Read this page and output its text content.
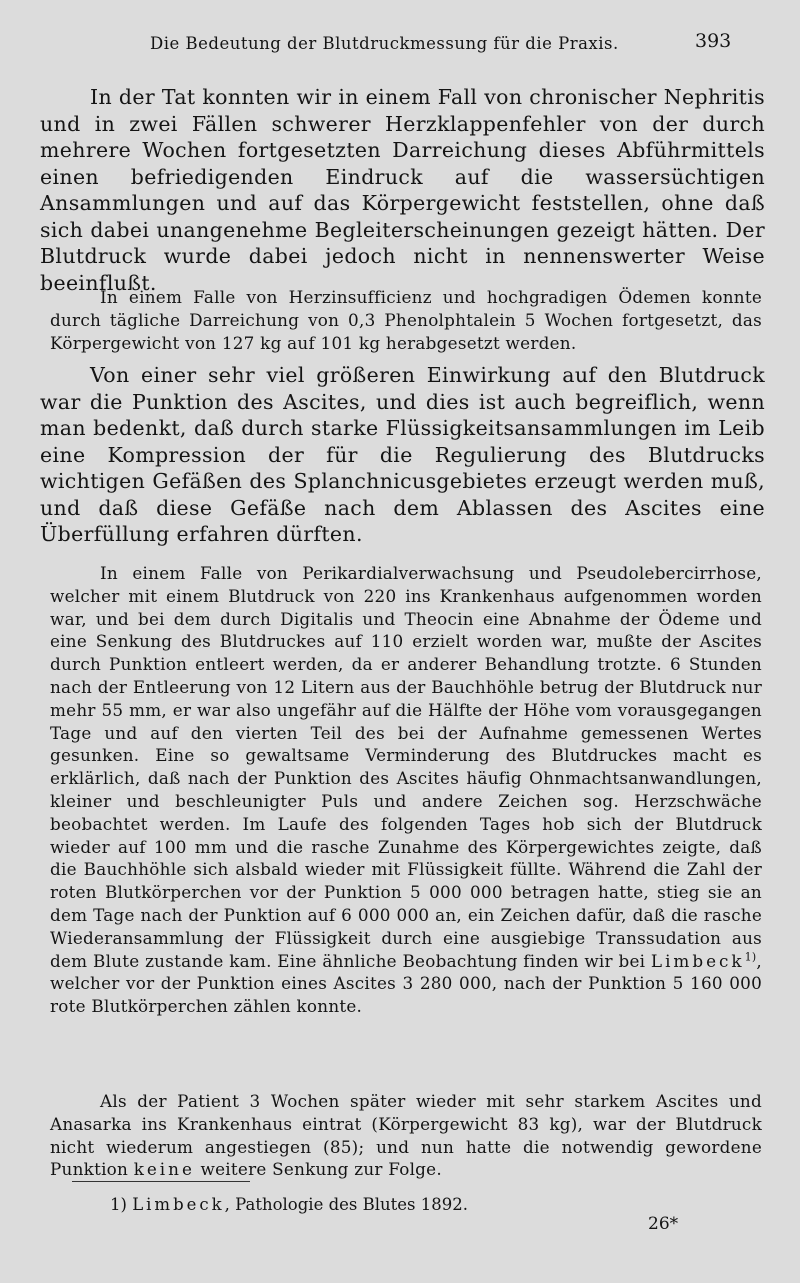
Die Bedeutung der Blutdruckmessung für die Praxis.	393

In der Tat konnten wir in einem Fall von chronischer Nephritis und in zwei Fällen schwerer Herzklappenfehler von der durch mehrere Wochen fortgesetzten Darreichung dieses Abführmittels einen befriedigenden Eindruck auf die wassersüchtigen Ansammlungen und auf das Körpergewicht feststellen, ohne daß sich dabei unangenehme Begleiterscheinungen gezeigt hätten. Der Blutdruck wurde dabei jedoch nicht in nennenswerter Weise beeinflußt.

In einem Falle von Herzinsufficienz und hochgradigen Ödemen konnte durch tägliche Darreichung von 0,3 Phenolphtalein 5 Wochen fortgesetzt, das Körpergewicht von 127 kg auf 101 kg herabgesetzt werden.

Von einer sehr viel größeren Einwirkung auf den Blutdruck war die Punktion des Ascites, und dies ist auch begreiflich, wenn man bedenkt, daß durch starke Flüssigkeitsansammlungen im Leib eine Kompression der für die Regulierung des Blutdrucks wichtigen Gefäßen des Splanchnicusgebietes erzeugt werden muß, und daß diese Gefäße nach dem Ablassen des Ascites eine Überfüllung erfahren dürften.

In einem Falle von Perikardialverwachsung und Pseudolebercirrhose, welcher mit einem Blutdruck von 220 ins Krankenhaus aufgenommen worden war, und bei dem durch Digitalis und Theocin eine Abnahme der Ödeme und eine Senkung des Blutdruckes auf 110 erzielt worden war, mußte der Ascites durch Punktion entleert werden, da er anderer Behandlung trotzte. 6 Stunden nach der Entleerung von 12 Litern aus der Bauchhöhle betrug der Blutdruck nur mehr 55 mm, er war also ungefähr auf die Hälfte der Höhe vom vorausgegangen Tage und auf den vierten Teil des bei der Aufnahme gemessenen Wertes gesunken. Eine so gewaltsame Verminderung des Blutdruckes macht es erklärlich, daß nach der Punktion des Ascites häufig Ohnmachtsanwandlungen, kleiner und beschleunigter Puls und andere Zeichen sog. Herzschwäche beobachtet werden. Im Laufe des folgenden Tages hob sich der Blutdruck wieder auf 100 mm und die rasche Zunahme des Körpergewichtes zeigte, daß die Bauchhöhle sich alsbald wieder mit Flüssigkeit füllte. Während die Zahl der roten Blutkörperchen vor der Punktion 5 000 000 betragen hatte, stieg sie an dem Tage nach der Punktion auf 6 000 000 an, ein Zeichen dafür, daß die rasche Wiederansammlung der Flüssigkeit durch eine ausgiebige Transsudation aus dem Blute zustande kam. Eine ähnliche Beobachtung finden wir bei Limbeck$^{1)}$, welcher vor der Punktion eines Ascites 3 280 000, nach der Punktion 5 160 000 rote Blutkörperchen zählen konnte.

Als der Patient 3 Wochen später wieder mit sehr starkem Ascites und Anasarka ins Krankenhaus eintrat (Körpergewicht 83 kg), war der Blutdruck nicht wiederum angestiegen (85); und nun hatte die notwendig gewordene Punktion keine weitere Senkung zur Folge.

1) Limbeck, Pathologie des Blutes 1892.
26*
